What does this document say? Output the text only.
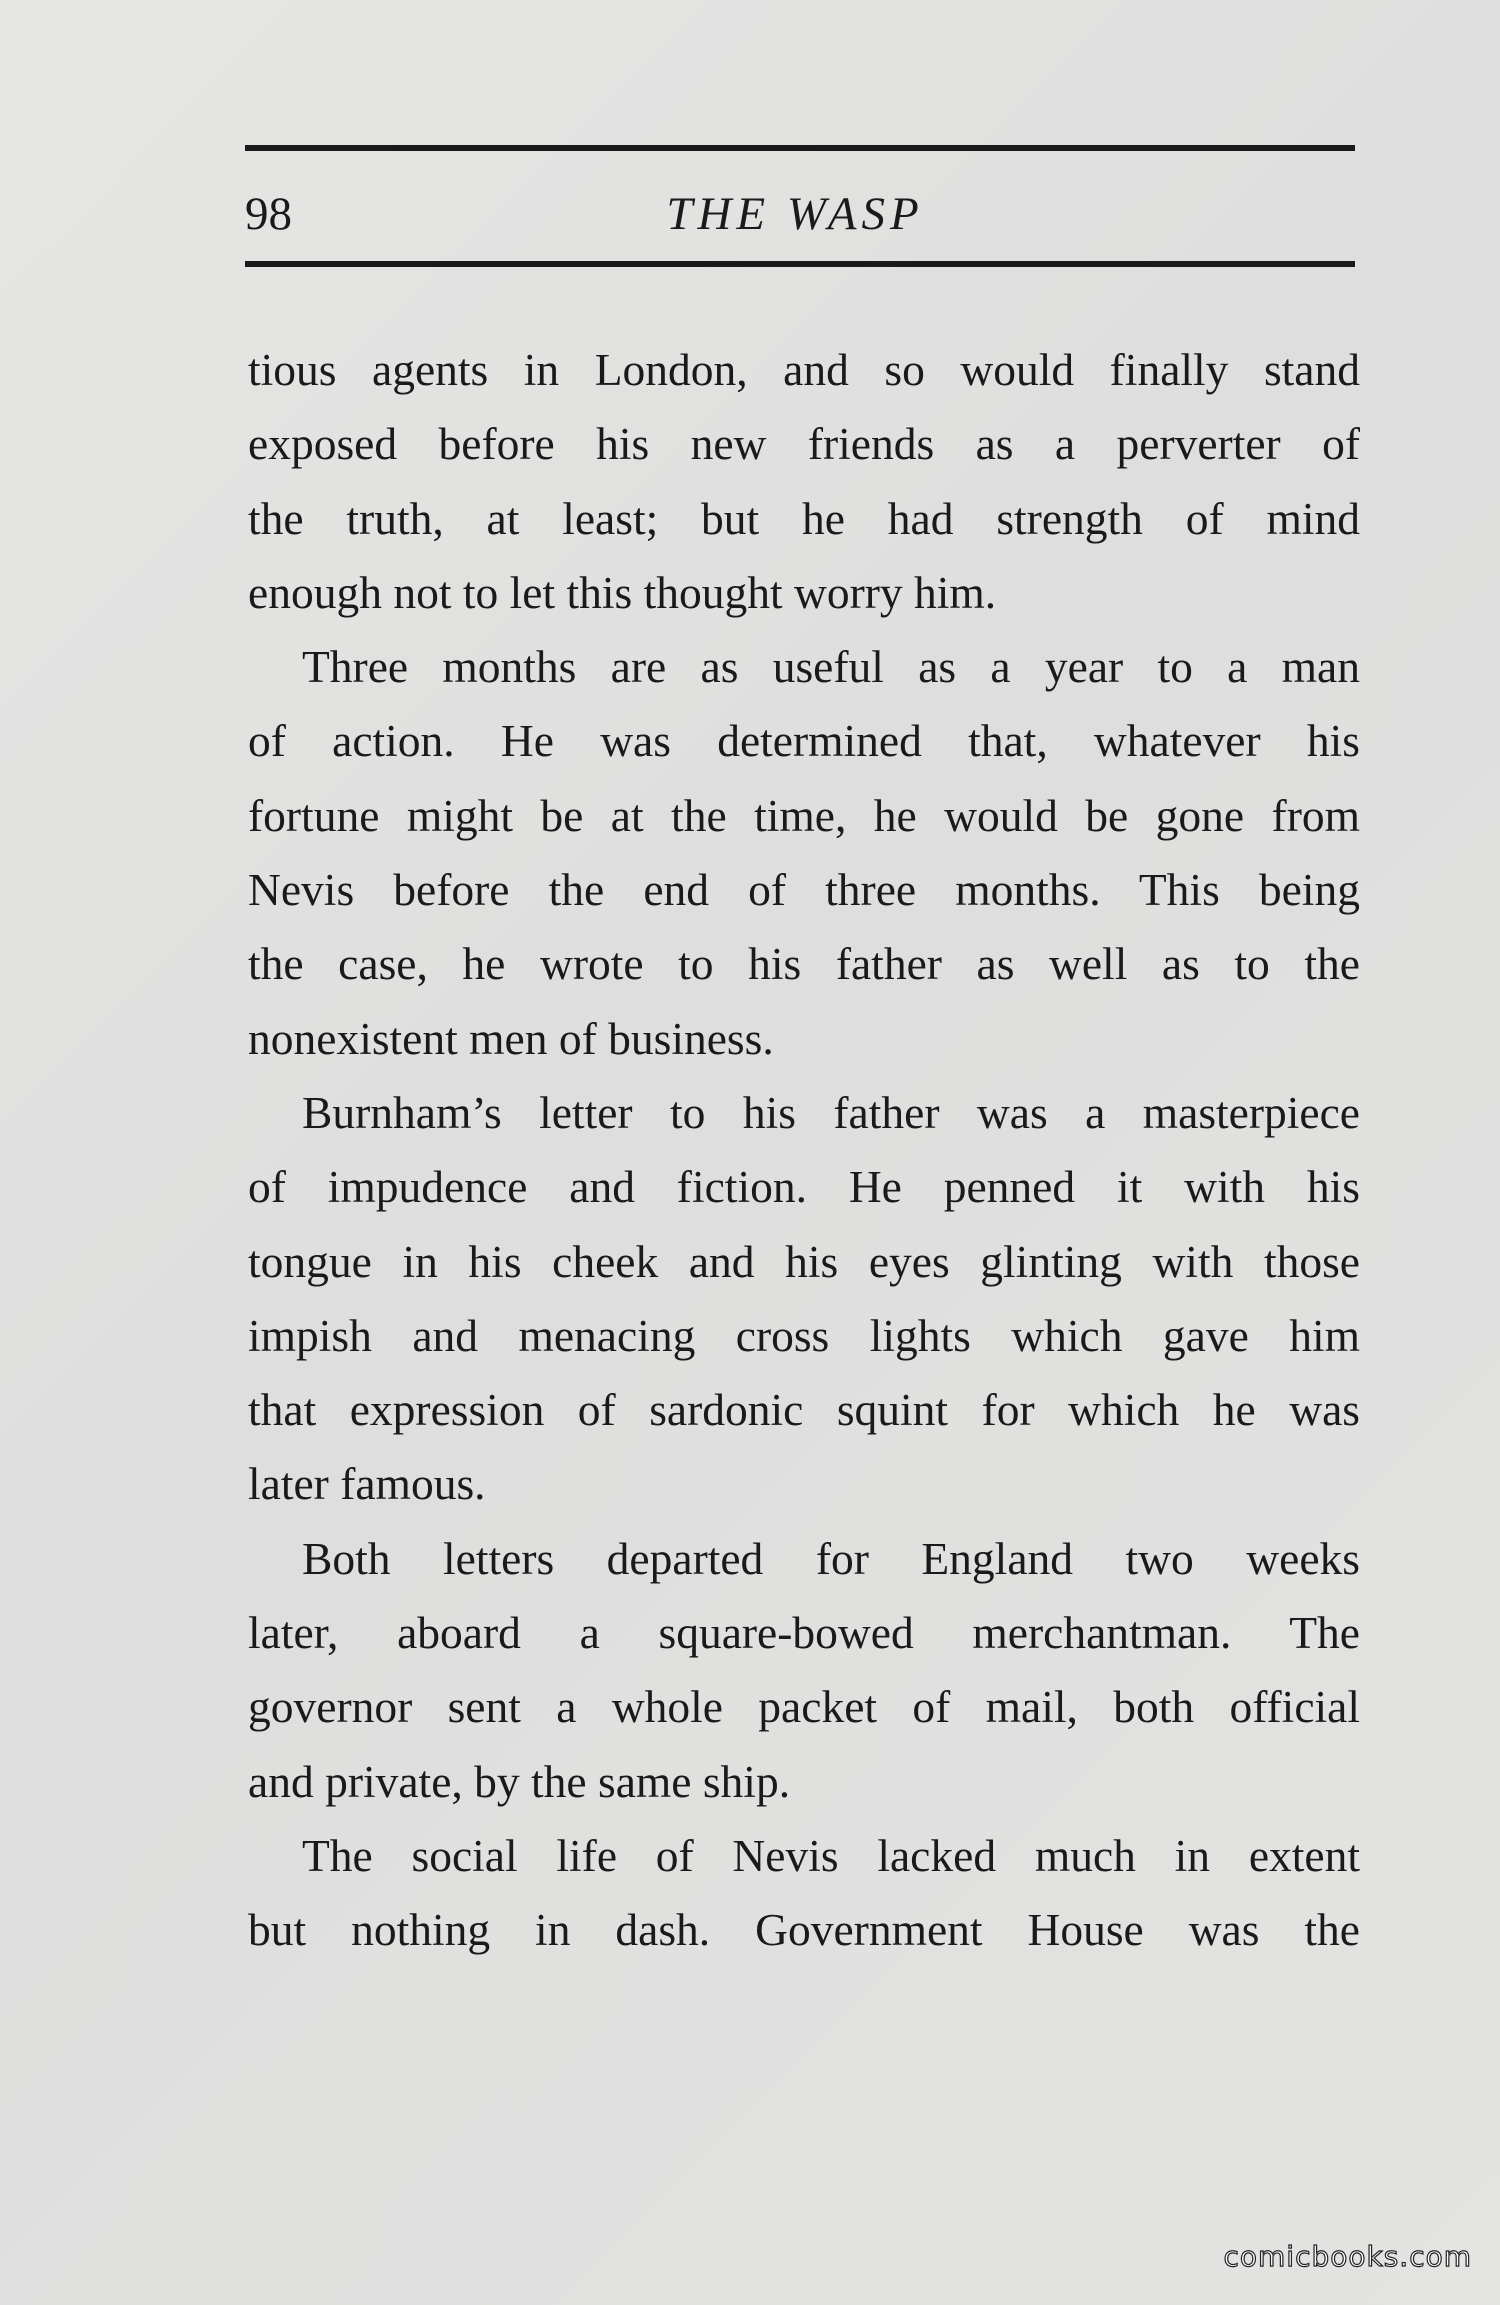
98	THE WASP

tious agents in London, and so would finally stand

exposed before his new friends as a perverter of

the truth, at least; but he had strength of mind

enough not to let this thought worry him.

Three months are as useful as a year to a man

of action. He was determined that, whatever his

fortune might be at the time, he would be gone from

Nevis before the end of three months. This being

the case, he wrote to his father as well as to the

nonexistent men of business.

Burnham’s letter to his father was a masterpiece

of impudence and fiction. He penned it with his

tongue in his cheek and his eyes glinting with those

impish and menacing cross lights which gave him

that expression of sardonic squint for which he was

later famous.

Both letters departed for England two weeks

later, aboard a square-bowed merchantman. The

governor sent a whole packet of mail, both official

and private, by the same ship.

The social life of Nevis lacked much in extent

but nothing in dash. Government House was the

comicbooks.com
